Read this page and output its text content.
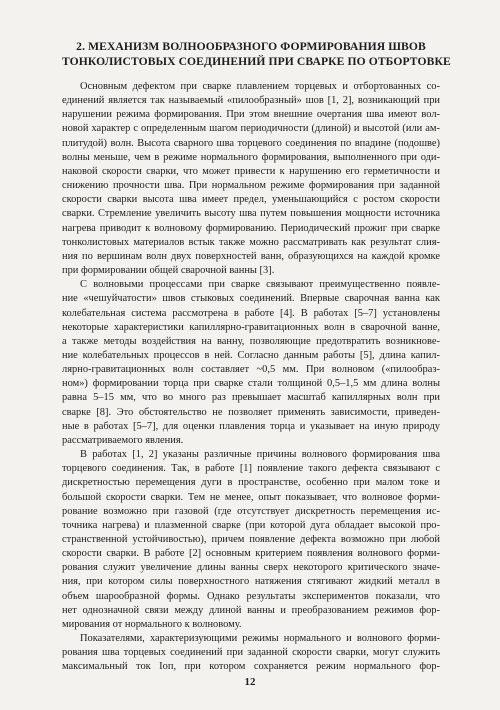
2. МЕХАНИЗМ ВОЛНООБРАЗНОГО ФОРМИРОВАНИЯ ШВОВ
ТОНКОЛИСТОВЫХ СОЕДИНЕНИЙ ПРИ СВАРКЕ ПО ОТБОРТОВКЕ
Основным дефектом при сварке плавлением торцевых и отбортованных со-
единений является так называемый «пилообразный» шов [1, 2], возникающий при
нарушении режима формирования. При этом внешние очертания шва имеют вол-
новой характер с определенным шагом периодичности (длиной) и высотой (или ам-
плитудой) волн. Высота сварного шва торцевого соединения по впадине (подошве)
волны меньше, чем в режиме нормального формирования, выполненного при оди-
наковой скорости сварки, что может привести к нарушению его герметичности и
снижению прочности шва. При нормальном режиме формирования при заданной
скорости сварки высота шва имеет предел, уменьшающийся с ростом скорости
сварки. Стремление увеличить высоту шва путем повышения мощности источника
нагрева приводит к волновому формированию. Периодический прожиг при сварке
тонколистовых материалов встык также можно рассматривать как результат слия-
ния по вершинам волн двух поверхностей ванн, образующихся на каждой кромке
при формировании общей сварочной ванны [3].
С волновыми процессами при сварке связывают преимущественно появле-
ние «чешуйчатости» швов стыковых соединений. Впервые сварочная ванна как
колебательная система рассмотрена в работе [4]. В работах [5–7] установлены
некоторые характеристики капиллярно-гравитационных волн в сварочной ванне,
а также методы воздействия на ванну, позволяющие предотвратить возникнове-
ние колебательных процессов в ней. Согласно данным работы [5], длина капил-
лярно-гравитационных волн составляет ~0,5 мм. При волновом («пилообраз-
ном») формировании торца при сварке стали толщиной 0,5–1,5 мм длина волны
равна 5–15 мм, что во много раз превышает масштаб капиллярных волн при
сварке [8]. Это обстоятельство не позволяет применять зависимости, приведен-
ные в работах [5–7], для оценки плавления торца и указывает на иную природу
рассматриваемого явления.
В работах [1, 2] указаны различные причины волнового формирования шва
торцевого соединения. Так, в работе [1] появление такого дефекта связывают с
дискретностью перемещения дуги в пространстве, особенно при малом токе и
большой скорости сварки. Тем не менее, опыт показывает, что волновое форми-
рование возможно при газовой (где отсутствует дискретность перемещения ис-
точника нагрева) и плазменной сварке (при которой дуга обладает высокой про-
странственной устойчивостью), причем появление дефекта возможно при любой
скорости сварки. В работе [2] основным критерием появления волнового форми-
рования служит увеличение длины ванны сверх некоторого критического значе-
ния, при котором силы поверхностного натяжения стягивают жидкий металл в
объем шарообразной формы. Однако результаты экспериментов показали, что
нет однозначной связи между длиной ванны и преобразованием режимов фор-
мирования от нормального к волновому.
Показателями, характеризующими режимы нормального и волнового форми-
рования шва торцевых соединений при заданной скорости сварки, могут служить
максимальный ток Iоп, при котором сохраняется режим нормального фор-
12
